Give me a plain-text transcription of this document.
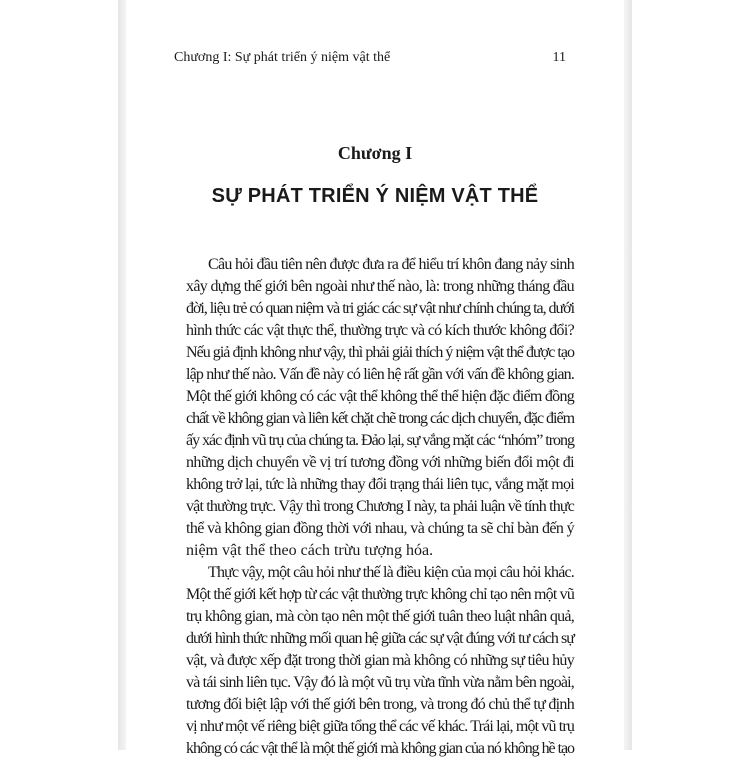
Chương I: Sự phát triển ý niệm vật thể	11
Chương I
SỰ PHÁT TRIỂN Ý NIỆM VẬT THỂ
Câu hỏi đầu tiên nên được đưa ra để hiểu trí khôn đang nảy sinh
xây dựng thế giới bên ngoài như thế nào, là: trong những tháng đầu
đời, liệu trẻ có quan niệm và tri giác các sự vật như chính chúng ta, dưới
hình thức các vật thực thể, thường trực và có kích thước không đổi?
Nếu giả định không như vậy, thì phải giải thích ý niệm vật thể được tạo
lập như thế nào. Vấn đề này có liên hệ rất gần với vấn đề không gian.
Một thế giới không có các vật thể không thể thể hiện đặc điểm đồng
chất về không gian và liên kết chặt chẽ trong các dịch chuyển, đặc điểm
ấy xác định vũ trụ của chúng ta. Đảo lại, sự vắng mặt các “nhóm” trong
những dịch chuyển về vị trí tương đồng với những biến đổi một đi
không trở lại, tức là những thay đổi trạng thái liên tục, vắng mặt mọi
vật thường trực. Vậy thì trong Chương I này, ta phải luận về tính thực
thể và không gian đồng thời với nhau, và chúng ta sẽ chỉ bàn đến ý
niệm vật thể theo cách trừu tượng hóa.
Thực vậy, một câu hỏi như thế là điều kiện của mọi câu hỏi khác.
Một thế giới kết hợp từ các vật thường trực không chỉ tạo nên một vũ
trụ không gian, mà còn tạo nên một thế giới tuân theo luật nhân quả,
dưới hình thức những mối quan hệ giữa các sự vật đúng với tư cách sự
vật, và được xếp đặt trong thời gian mà không có những sự tiêu hủy
và tái sinh liên tục. Vậy đó là một vũ trụ vừa tĩnh vừa nằm bên ngoài,
tương đối biệt lập với thế giới bên trong, và trong đó chủ thể tự định
vị như một vế riêng biệt giữa tổng thể các vế khác. Trái lại, một vũ trụ
không có các vật thể là một thế giới mà không gian của nó không hề tạo
